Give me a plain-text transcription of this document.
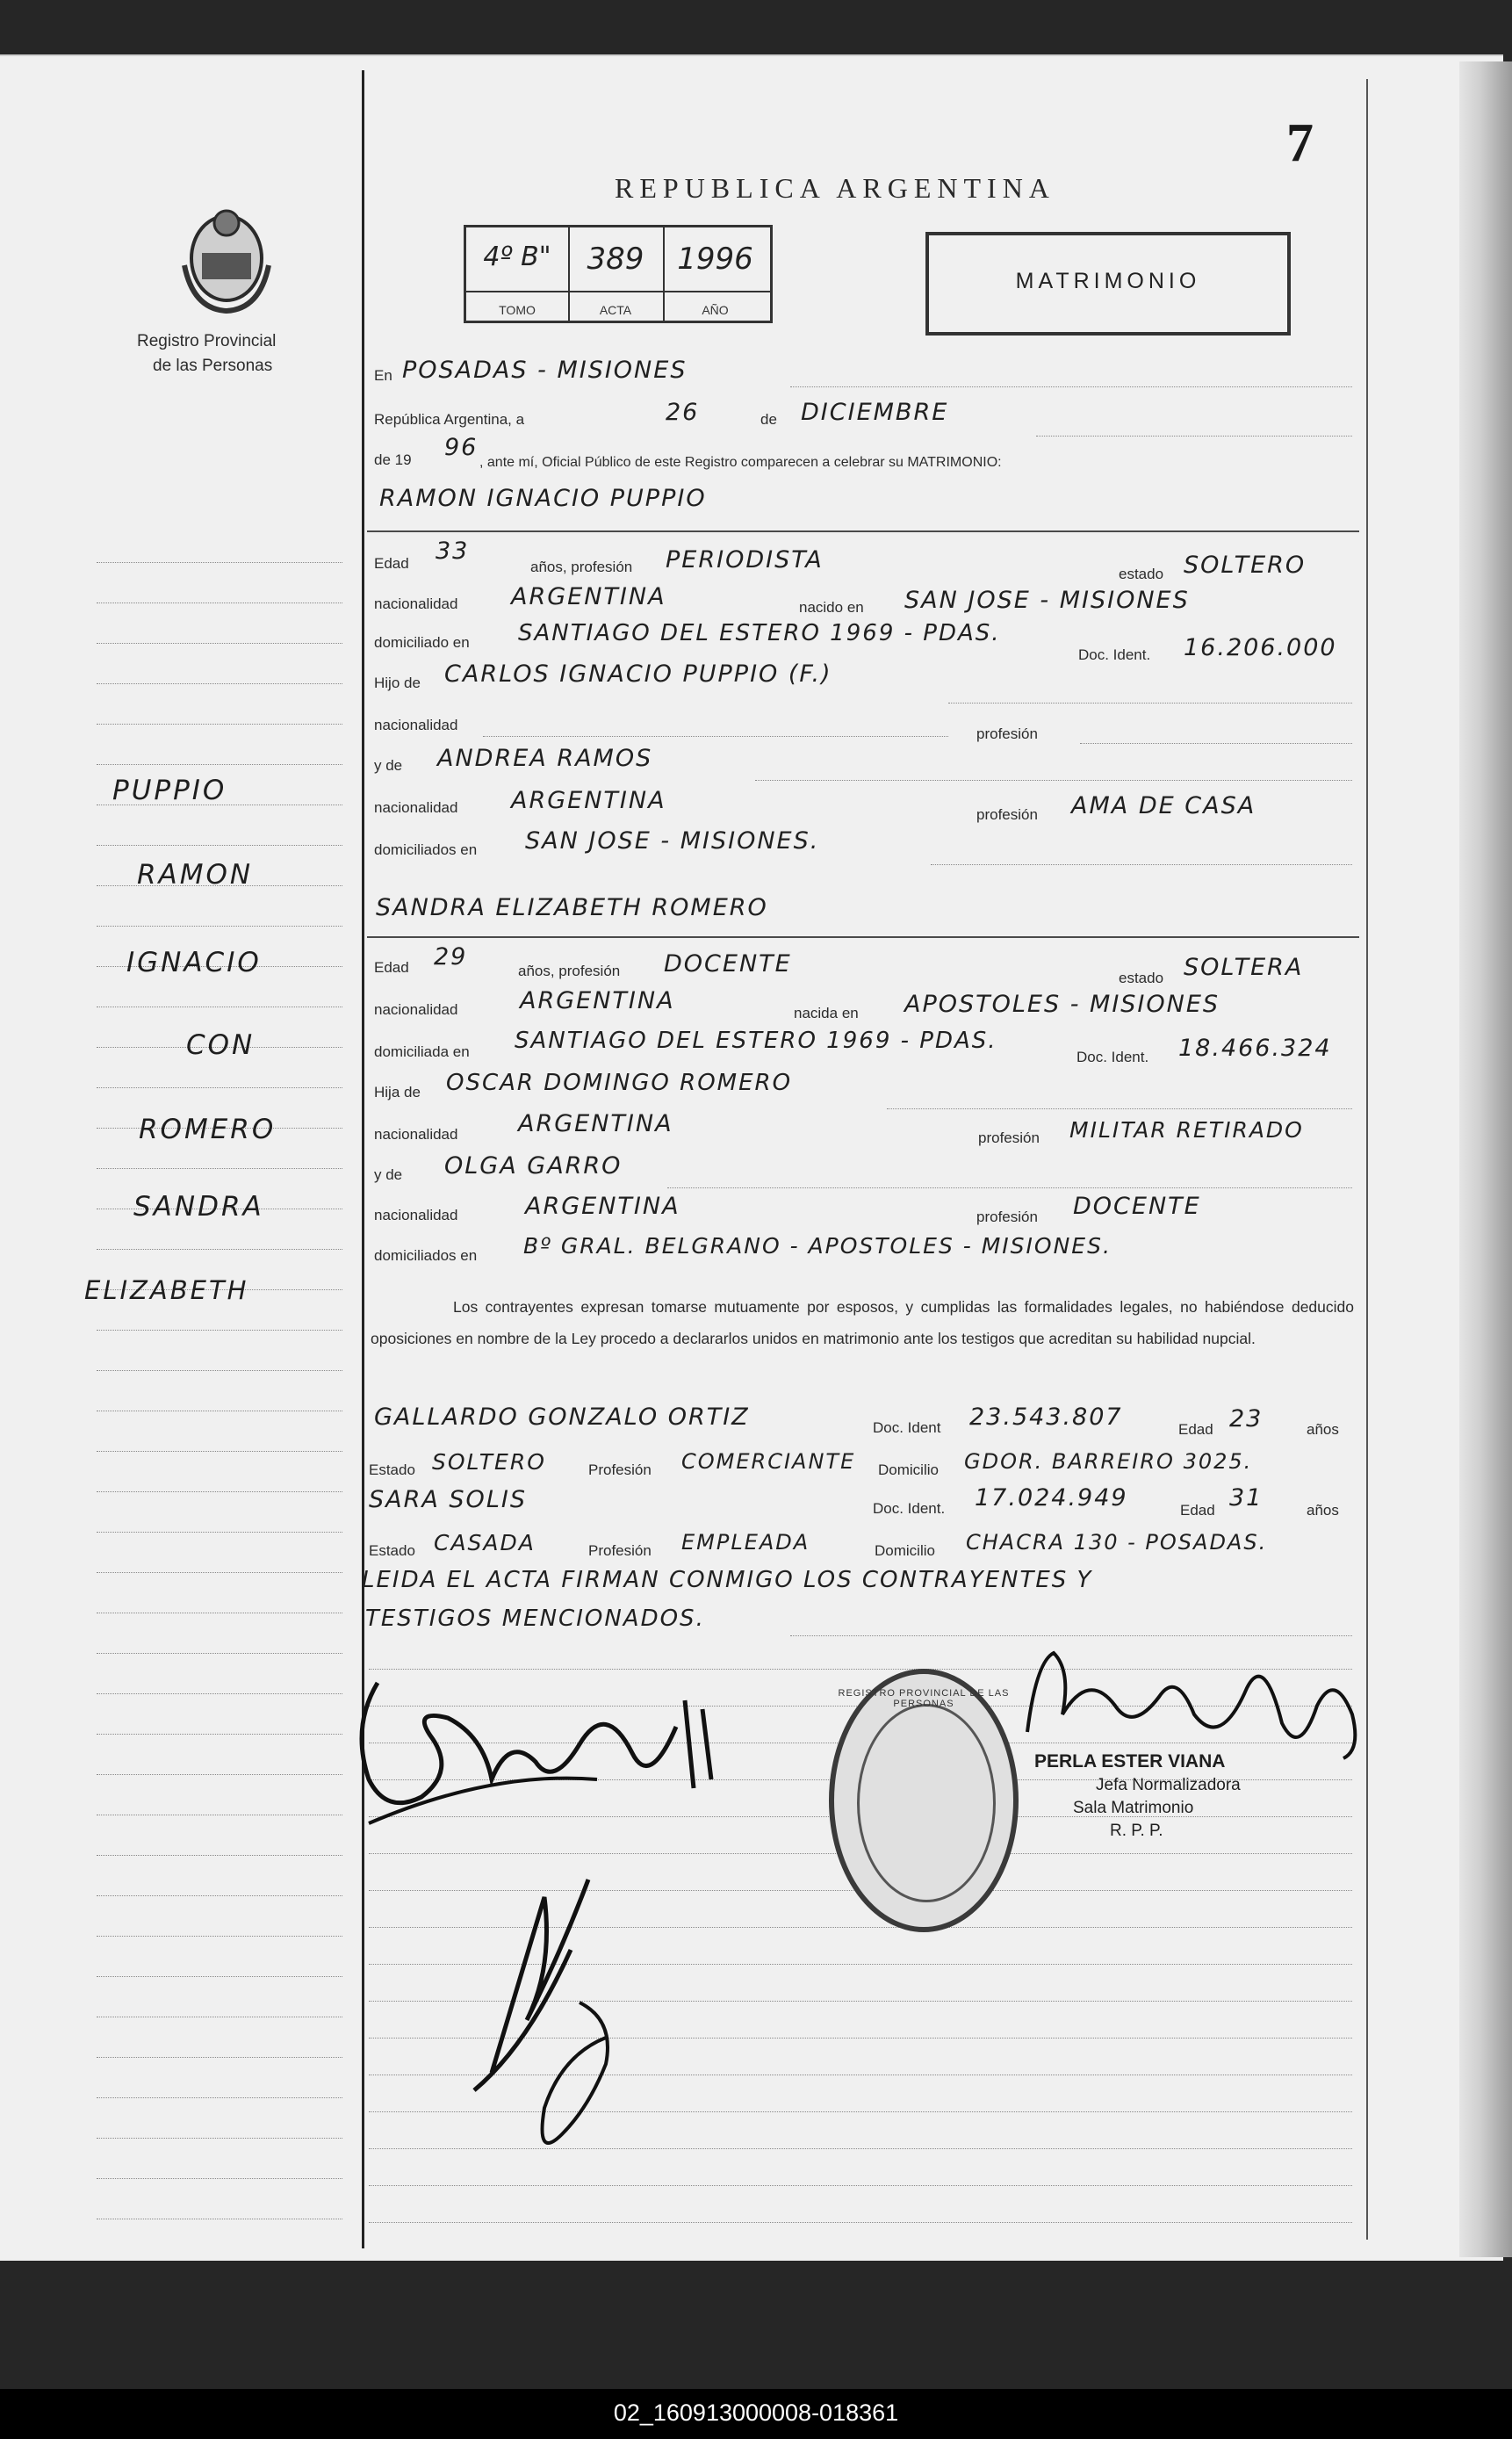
Registro Provincial
de las Personas
REPUBLICA ARGENTINA
7
4º B"
TOMO
389
ACTA
1996
AÑO
MATRIMONIO
En POSADAS - MISIONES
República Argentina, a	26	de DICIEMBRE
de 19 96
, ante mí, Oficial Público de este Registro comparecen a celebrar su MATRIMONIO:
RAMON IGNACIO PUPPIO
Edad 33
años, profesión PERIODISTA
estado SOLTERO
nacionalidad ARGENTINA	nacido en SAN JOSE - MISIONES
domiciliado en SANTIAGO DEL ESTERO 1969 - PDAS.
Doc. Ident. 16.206.000
Hijo de CARLOS IGNACIO PUPPIO (F.)
nacionalidad
profesión
y de ANDREA RAMOS
nacionalidad ARGENTINA
profesión AMA DE CASA
domiciliados en SAN JOSE - MISIONES.
SANDRA ELIZABETH ROMERO
Edad 29
años, profesión DOCENTE
estado SOLTERA
nacionalidad	ARGENTINA	nacida en APOSTOLES - MISIONES
domiciliada en SANTIAGO DEL ESTERO 1969 - PDAS.
Doc. Ident. 18.466.324
Hija de OSCAR DOMINGO ROMERO
nacionalidad	ARGENTINA
profesión MILITAR RETIRADO
y de OLGA GARRO
nacionalidad	ARGENTINA	profesión DOCENTE
domiciliados en Bº GRAL. BELGRANO - APOSTOLES - MISIONES.
Los contrayentes expresan tomarse mutuamente por esposos, y cumplidas las formalidades legales, no habiéndose deducido oposiciones en nombre de la Ley procedo a declararlos unidos en matrimonio ante los testigos que acreditan su habilidad nupcial.
GALLARDO GONZALO ORTIZ	Doc. Ident 23.543.807	Edad 23	años
Estado SOLTERO	Profesión COMERCIANTE Domicilio GDOR. BARREIRO 3025.
SARA SOLIS	Doc. Ident. 17.024.949	Edad 31	años
Estado CASADA	Profesión EMPLEADA	Domicilio CHACRA 130 - POSADAS.
LEIDA EL ACTA FIRMAN CONMIGO LOS CONTRAYENTES Y
TESTIGOS MENCIONADOS.
PUPPIO
RAMON
IGNACIO
CON
ROMERO
SANDRA
ELIZABETH
REGISTRO PROVINCIAL DE LAS PERSONAS
PERLA ESTER VIANA
Jefa Normalizadora
Sala Matrimonio
R. P. P.
02_160913000008-018361
